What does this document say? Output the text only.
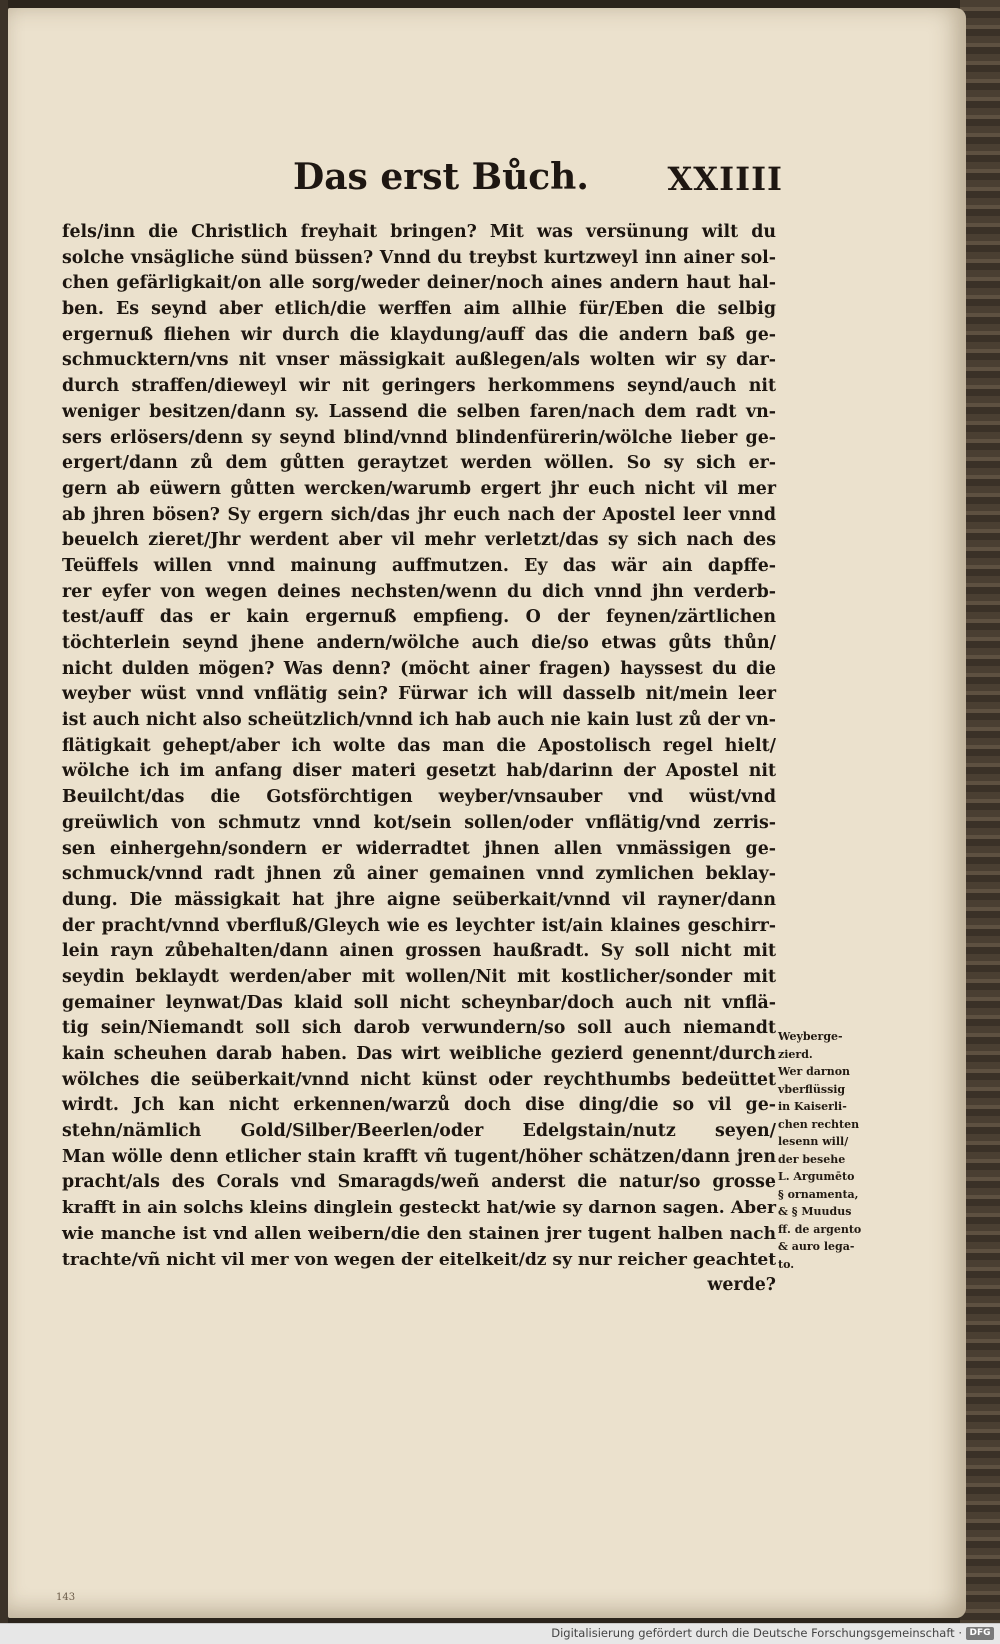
Das erst Bůch. XXIIII
fels/inn die Christlich freyhait bringen? Mit was versünung wilt du
solche vnsägliche sünd büssen? Vnnd du treybst kurtzweyl inn ainer sol-
chen gefärligkait/on alle sorg/weder deiner/noch aines andern haut hal-
ben. Es seynd aber etlich/die werffen aim allhie für/Eben die selbig
ergernuß fliehen wir durch die klaydung/auff das die andern baß ge-
schmucktern/vns nit vnser mässigkait außlegen/als wolten wir sy dar-
durch straffen/dieweyl wir nit geringers herkommens seynd/auch nit
weniger besitzen/dann sy. Lassend die selben faren/nach dem radt vn-
sers erlösers/denn sy seynd blind/vnnd blindenfürerin/wölche lieber ge-
ergert/dann zů dem gůtten geraytzet werden wöllen. So sy sich er-
gern ab eüwern gůtten wercken/warumb ergert jhr euch nicht vil mer
ab jhren bösen? Sy ergern sich/das jhr euch nach der Apostel leer vnnd
beuelch zieret/Jhr werdent aber vil mehr verletzt/das sy sich nach des
Teüffels willen vnnd mainung auffmutzen. Ey das wär ain dapffe-
rer eyfer von wegen deines nechsten/wenn du dich vnnd jhn verderb-
test/auff das er kain ergernuß empfieng. O der feynen/zärtlichen
töchterlein seynd jhene andern/wölche auch die/so etwas gůts thůn/
nicht dulden mögen? Was denn? (möcht ainer fragen) hayssest du die
weyber wüst vnnd vnflätig sein? Fürwar ich will dasselb nit/mein leer
ist auch nicht also scheützlich/vnnd ich hab auch nie kain lust zů der vn-
flätigkait gehept/aber ich wolte das man die Apostolisch regel hielt/
wölche ich im anfang diser materi gesetzt hab/darinn der Apostel nit
Beuilcht/das die Gotsförchtigen weyber/vnsauber vnd wüst/vnd
greüwlich von schmutz vnnd kot/sein sollen/oder vnflätig/vnd zerris-
sen einhergehn/sondern er widerradtet jhnen allen vnmässigen ge-
schmuck/vnnd radt jhnen zů ainer gemainen vnnd zymlichen beklay-
dung. Die mässigkait hat jhre aigne seüberkait/vnnd vil rayner/dann
der pracht/vnnd vberfluß/Gleych wie es leychter ist/ain klaines geschirr-
lein rayn zůbehalten/dann ainen grossen haußradt. Sy soll nicht mit
seydin beklaydt werden/aber mit wollen/Nit mit kostlicher/sonder mit
gemainer leynwat/Das klaid soll nicht scheynbar/doch auch nit vnflä-
tig sein/Niemandt soll sich darob verwundern/so soll auch niemandt
kain scheuhen darab haben. Das wirt weibliche gezierd genennt/durch
wölches die seüberkait/vnnd nicht künst oder reychthumbs bedeüttet
wirdt. Jch kan nicht erkennen/warzů doch dise ding/die so vil ge-
stehn/nämlich Gold/Silber/Beerlen/oder Edelgstain/nutz seyen/
Man wölle denn etlicher stain krafft vñ tugent/höher schätzen/dann jren
pracht/als des Corals vnd Smaragds/weñ anderst die natur/so grosse
krafft in ain solchs kleins dinglein gesteckt hat/wie sy darnon sagen. Aber
wie manche ist vnd allen weibern/die den stainen jrer tugent halben nach
trachte/vñ nicht vil mer von wegen der eitelkeit/dz sy nur reicher geachtet
werde?
Weyberge-
zierd.
Wer darnon
vberflüssig
in Kaiserli-
chen rechten
lesenn will/
der besehe
L. Argumēto
§ ornamenta,
& § Muudus
ff. de argento
& auro lega-
to.
143
Digitalisierung gefördert durch die Deutsche Forschungsgemeinschaft · DFG
